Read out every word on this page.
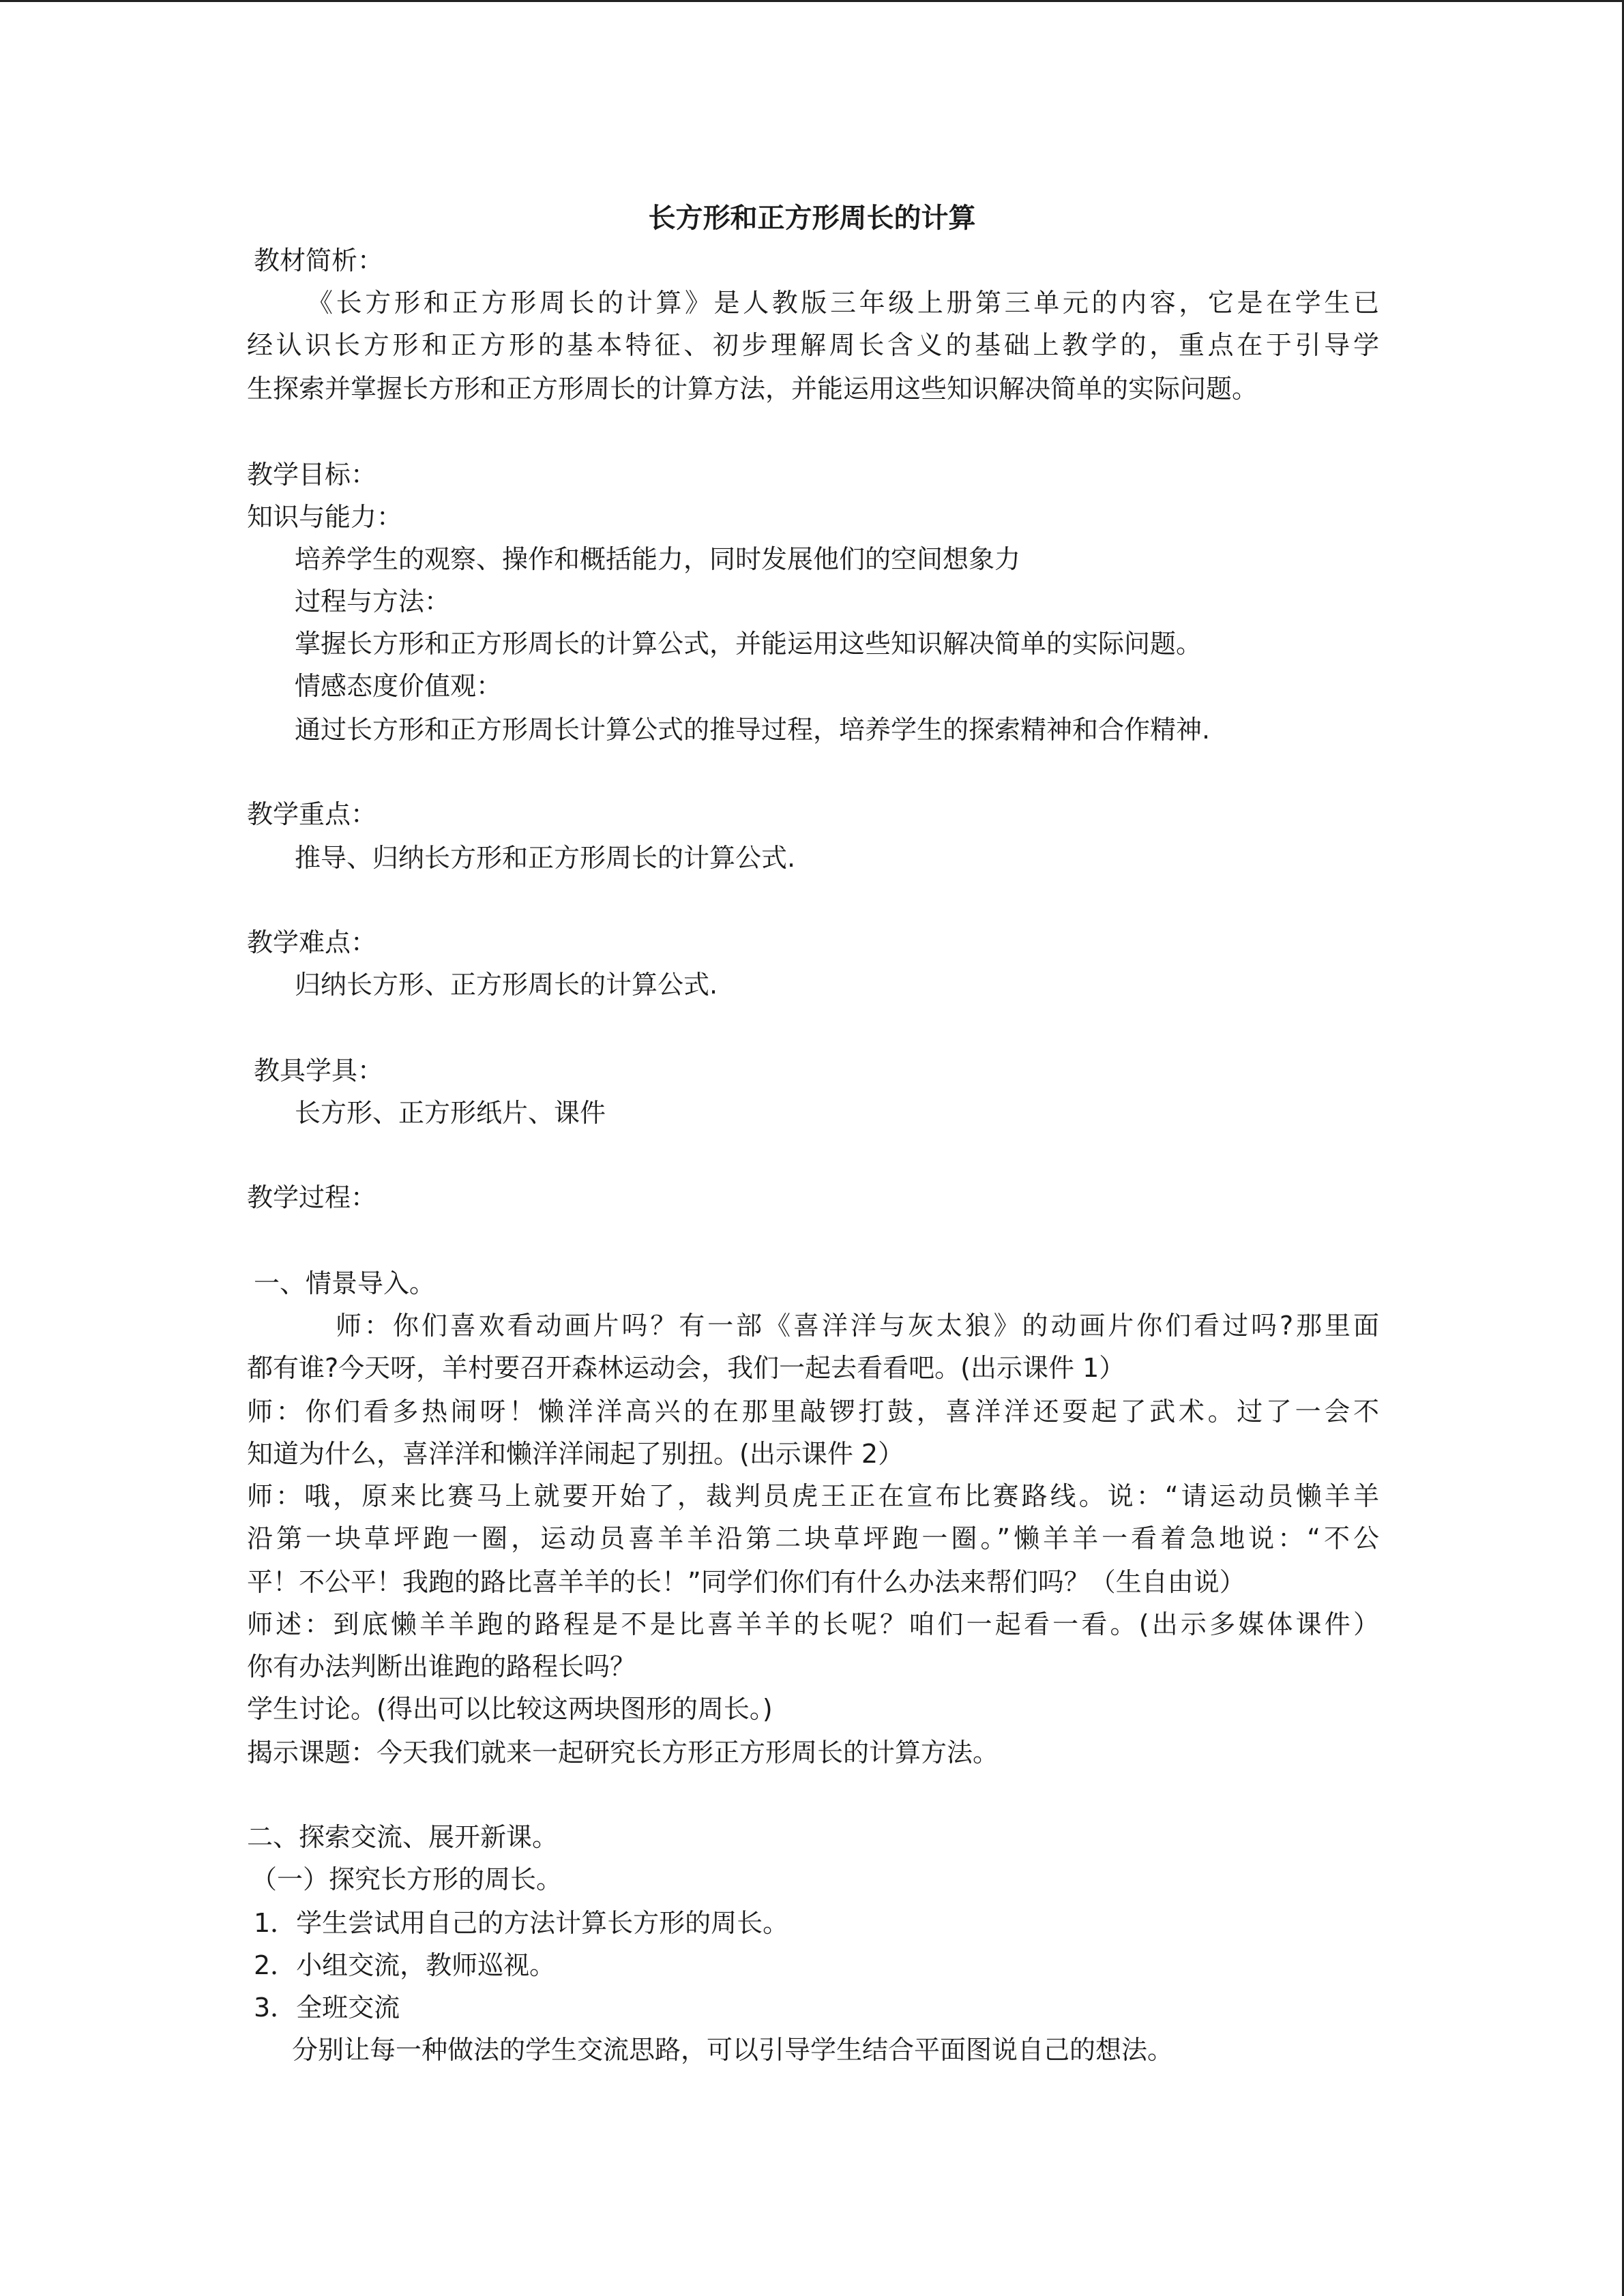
长方形和正方形周长的计算

教材简析：

《长方形和正方形周长的计算》是人教版三年级上册第三单元的内容，它是在学生已

经认识长方形和正方形的基本特征、初步理解周长含义的基础上教学的，重点在于引导学

生探索并掌握长方形和正方形周长的计算方法，并能运用这些知识解决简单的实际问题。

教学目标：

知识与能力：

培养学生的观察、操作和概括能力，同时发展他们的空间想象力

过程与方法：

掌握长方形和正方形周长的计算公式，并能运用这些知识解决简单的实际问题。

情感态度价值观：

通过长方形和正方形周长计算公式的推导过程，培养学生的探索精神和合作精神.

教学重点：

推导、归纳长方形和正方形周长的计算公式.

教学难点：

归纳长方形、正方形周长的计算公式.

教具学具：

长方形、正方形纸片、课件

教学过程：

一、情景导入。

师：你们喜欢看动画片吗？有一部《喜洋洋与灰太狼》的动画片你们看过吗?那里面

都有谁?今天呀，羊村要召开森林运动会，我们一起去看看吧。(出示课件 1）

师：你们看多热闹呀！懒洋洋高兴的在那里敲锣打鼓，喜洋洋还耍起了武术。过了一会不

知道为什么，喜洋洋和懒洋洋闹起了别扭。(出示课件 2）

师：哦，原来比赛马上就要开始了，裁判员虎王正在宣布比赛路线。说：“请运动员懒羊羊

沿第一块草坪跑一圈，运动员喜羊羊沿第二块草坪跑一圈。”懒羊羊一看着急地说：“不公

平！不公平！我跑的路比喜羊羊的长！”同学们你们有什么办法来帮们吗？（生自由说）

师述：到底懒羊羊跑的路程是不是比喜羊羊的长呢？咱们一起看一看。(出示多媒体课件）

你有办法判断出谁跑的路程长吗？

学生讨论。(得出可以比较这两块图形的周长。)

揭示课题：今天我们就来一起研究长方形正方形周长的计算方法。

二、探索交流、展开新课。

（一）探究长方形的周长。

1．学生尝试用自己的方法计算长方形的周长。

2．小组交流，教师巡视。

3．全班交流

分别让每一种做法的学生交流思路，可以引导学生结合平面图说自己的想法。
